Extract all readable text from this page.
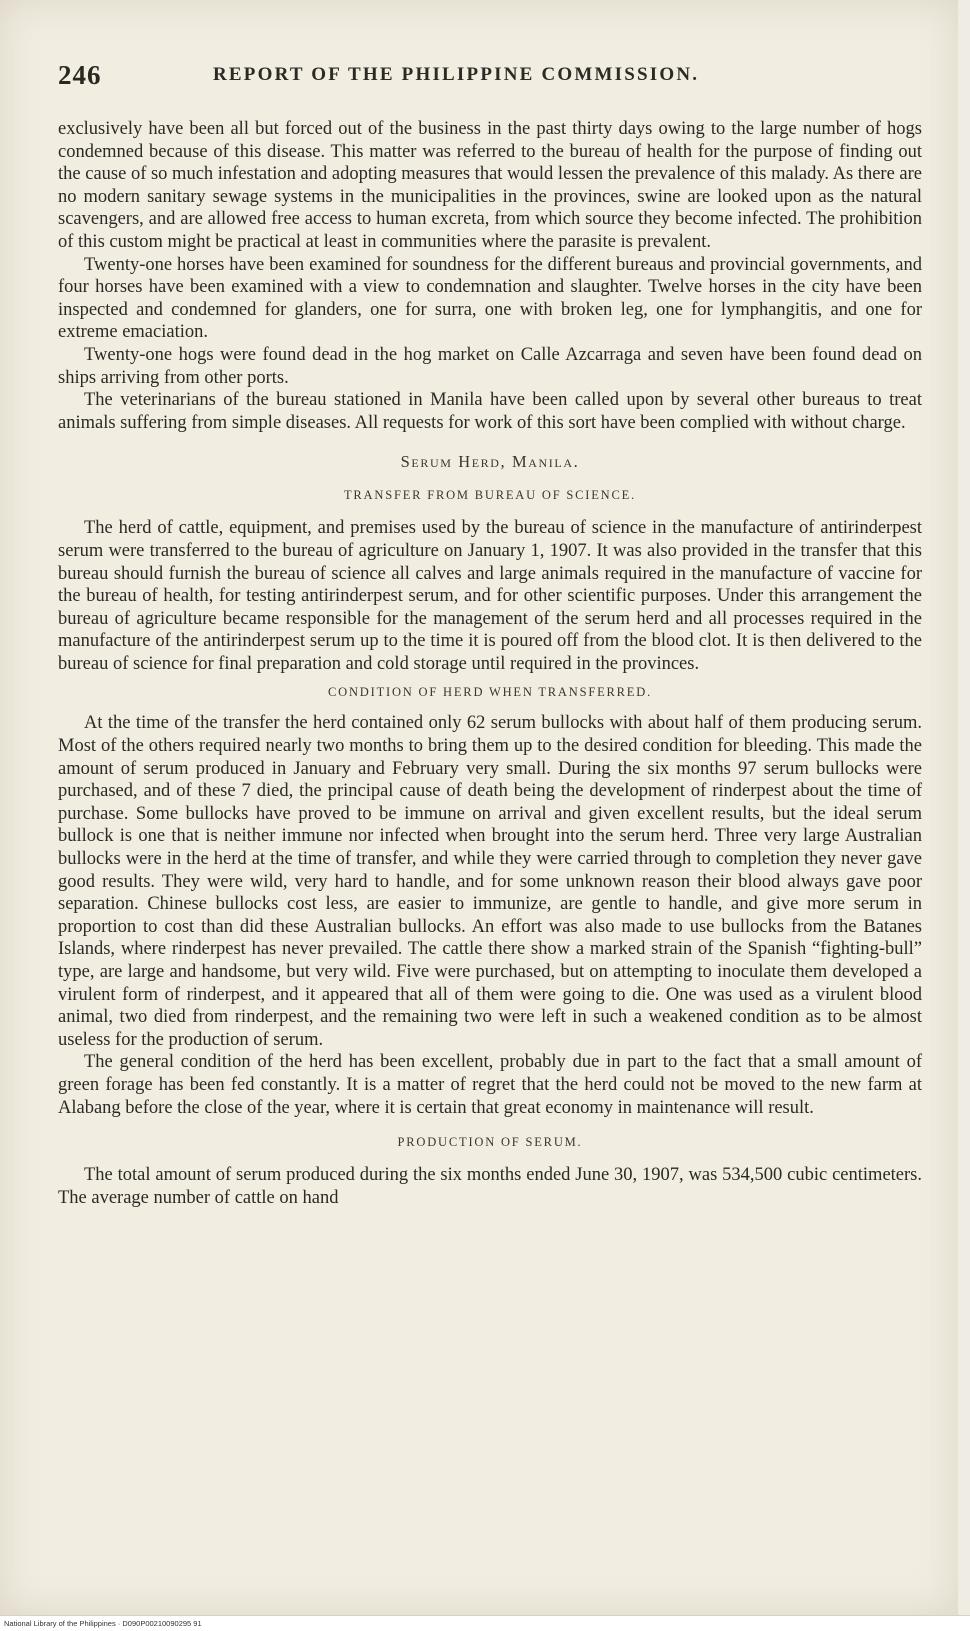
246	REPORT OF THE PHILIPPINE COMMISSION.

exclusively have been all but forced out of the business in the past thirty days owing to the large number of hogs condemned because of this disease. This matter was referred to the bureau of health for the purpose of finding out the cause of so much infestation and adopting measures that would lessen the prevalence of this malady. As there are no modern sanitary sewage systems in the municipalities in the provinces, swine are looked upon as the natural scavengers, and are allowed free access to human excreta, from which source they become infected. The prohibition of this custom might be practical at least in communities where the parasite is prevalent.

Twenty-one horses have been examined for soundness for the different bureaus and provincial governments, and four horses have been examined with a view to condemnation and slaughter. Twelve horses in the city have been inspected and condemned for glanders, one for surra, one with broken leg, one for lymphangitis, and one for extreme emaciation.

Twenty-one hogs were found dead in the hog market on Calle Azcarraga and seven have been found dead on ships arriving from other ports.

The veterinarians of the bureau stationed in Manila have been called upon by several other bureaus to treat animals suffering from simple diseases. All requests for work of this sort have been complied with without charge.

Serum Herd, Manila.
TRANSFER FROM BUREAU OF SCIENCE.

The herd of cattle, equipment, and premises used by the bureau of science in the manufacture of antirinderpest serum were transferred to the bureau of agriculture on January 1, 1907. It was also provided in the transfer that this bureau should furnish the bureau of science all calves and large animals required in the manufacture of vaccine for the bureau of health, for testing antirinderpest serum, and for other scientific purposes. Under this arrangement the bureau of agriculture became responsible for the management of the serum herd and all processes required in the manufacture of the antirinderpest serum up to the time it is poured off from the blood clot. It is then delivered to the bureau of science for final preparation and cold storage until required in the provinces.

CONDITION OF HERD WHEN TRANSFERRED.

At the time of the transfer the herd contained only 62 serum bullocks with about half of them producing serum. Most of the others required nearly two months to bring them up to the desired condition for bleeding. This made the amount of serum produced in January and February very small. During the six months 97 serum bullocks were purchased, and of these 7 died, the principal cause of death being the development of rinderpest about the time of purchase. Some bullocks have proved to be immune on arrival and given excellent results, but the ideal serum bullock is one that is neither immune nor infected when brought into the serum herd. Three very large Australian bullocks were in the herd at the time of transfer, and while they were carried through to completion they never gave good results. They were wild, very hard to handle, and for some unknown reason their blood always gave poor separation. Chinese bullocks cost less, are easier to immunize, are gentle to handle, and give more serum in proportion to cost than did these Australian bullocks. An effort was also made to use bullocks from the Batanes Islands, where rinderpest has never prevailed. The cattle there show a marked strain of the Spanish “fighting-bull” type, are large and handsome, but very wild. Five were purchased, but on attempting to inoculate them developed a virulent form of rinderpest, and it appeared that all of them were going to die. One was used as a virulent blood animal, two died from rinderpest, and the remaining two were left in such a weakened condition as to be almost useless for the production of serum.

The general condition of the herd has been excellent, probably due in part to the fact that a small amount of green forage has been fed constantly. It is a matter of regret that the herd could not be moved to the new farm at Alabang before the close of the year, where it is certain that great economy in maintenance will result.

PRODUCTION OF SERUM.

The total amount of serum produced during the six months ended June 30, 1907, was 534,500 cubic centimeters. The average number of cattle on hand

National Library of the Philippines · D090P00210090295 91
